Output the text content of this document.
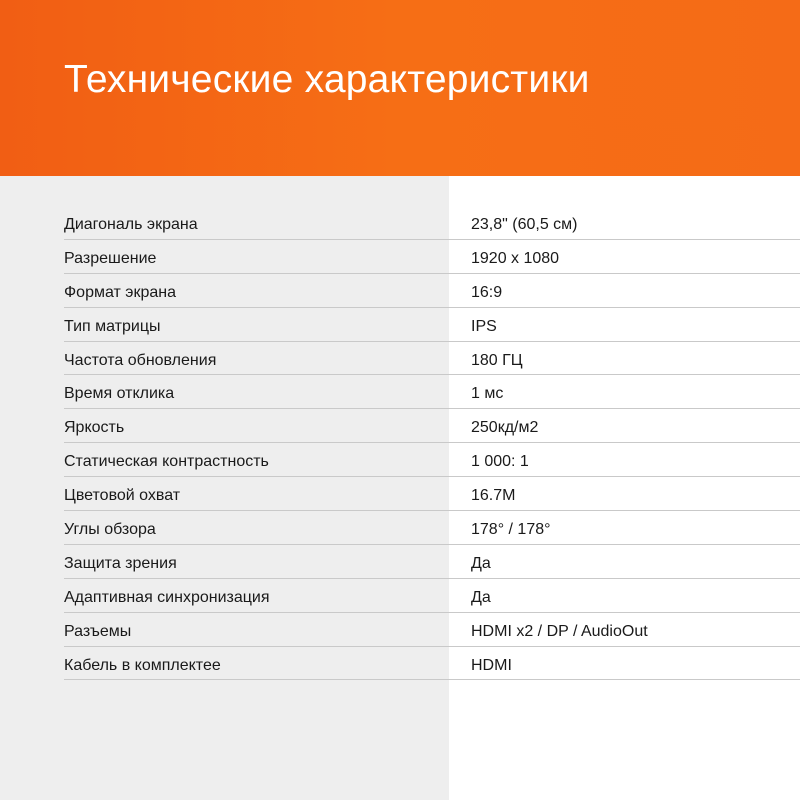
Технические характеристики
Диагональ экрана	23,8" (60,5 см)
Разрешение	1920 х 1080
Формат экрана	16:9
Тип матрицы	IPS
Частота обновления	180 ГЦ
Время отклика	1 мс
Яркость	250кд/м2
Статическая контрастность	1 000: 1
Цветовой охват	16.7M
Углы обзора	178° / 178°
Защита зрения	Да
Адаптивная синхронизация	Да
Разъемы	HDMI x2 / DP / AudioOut
Кабель в комплектее	HDMI
